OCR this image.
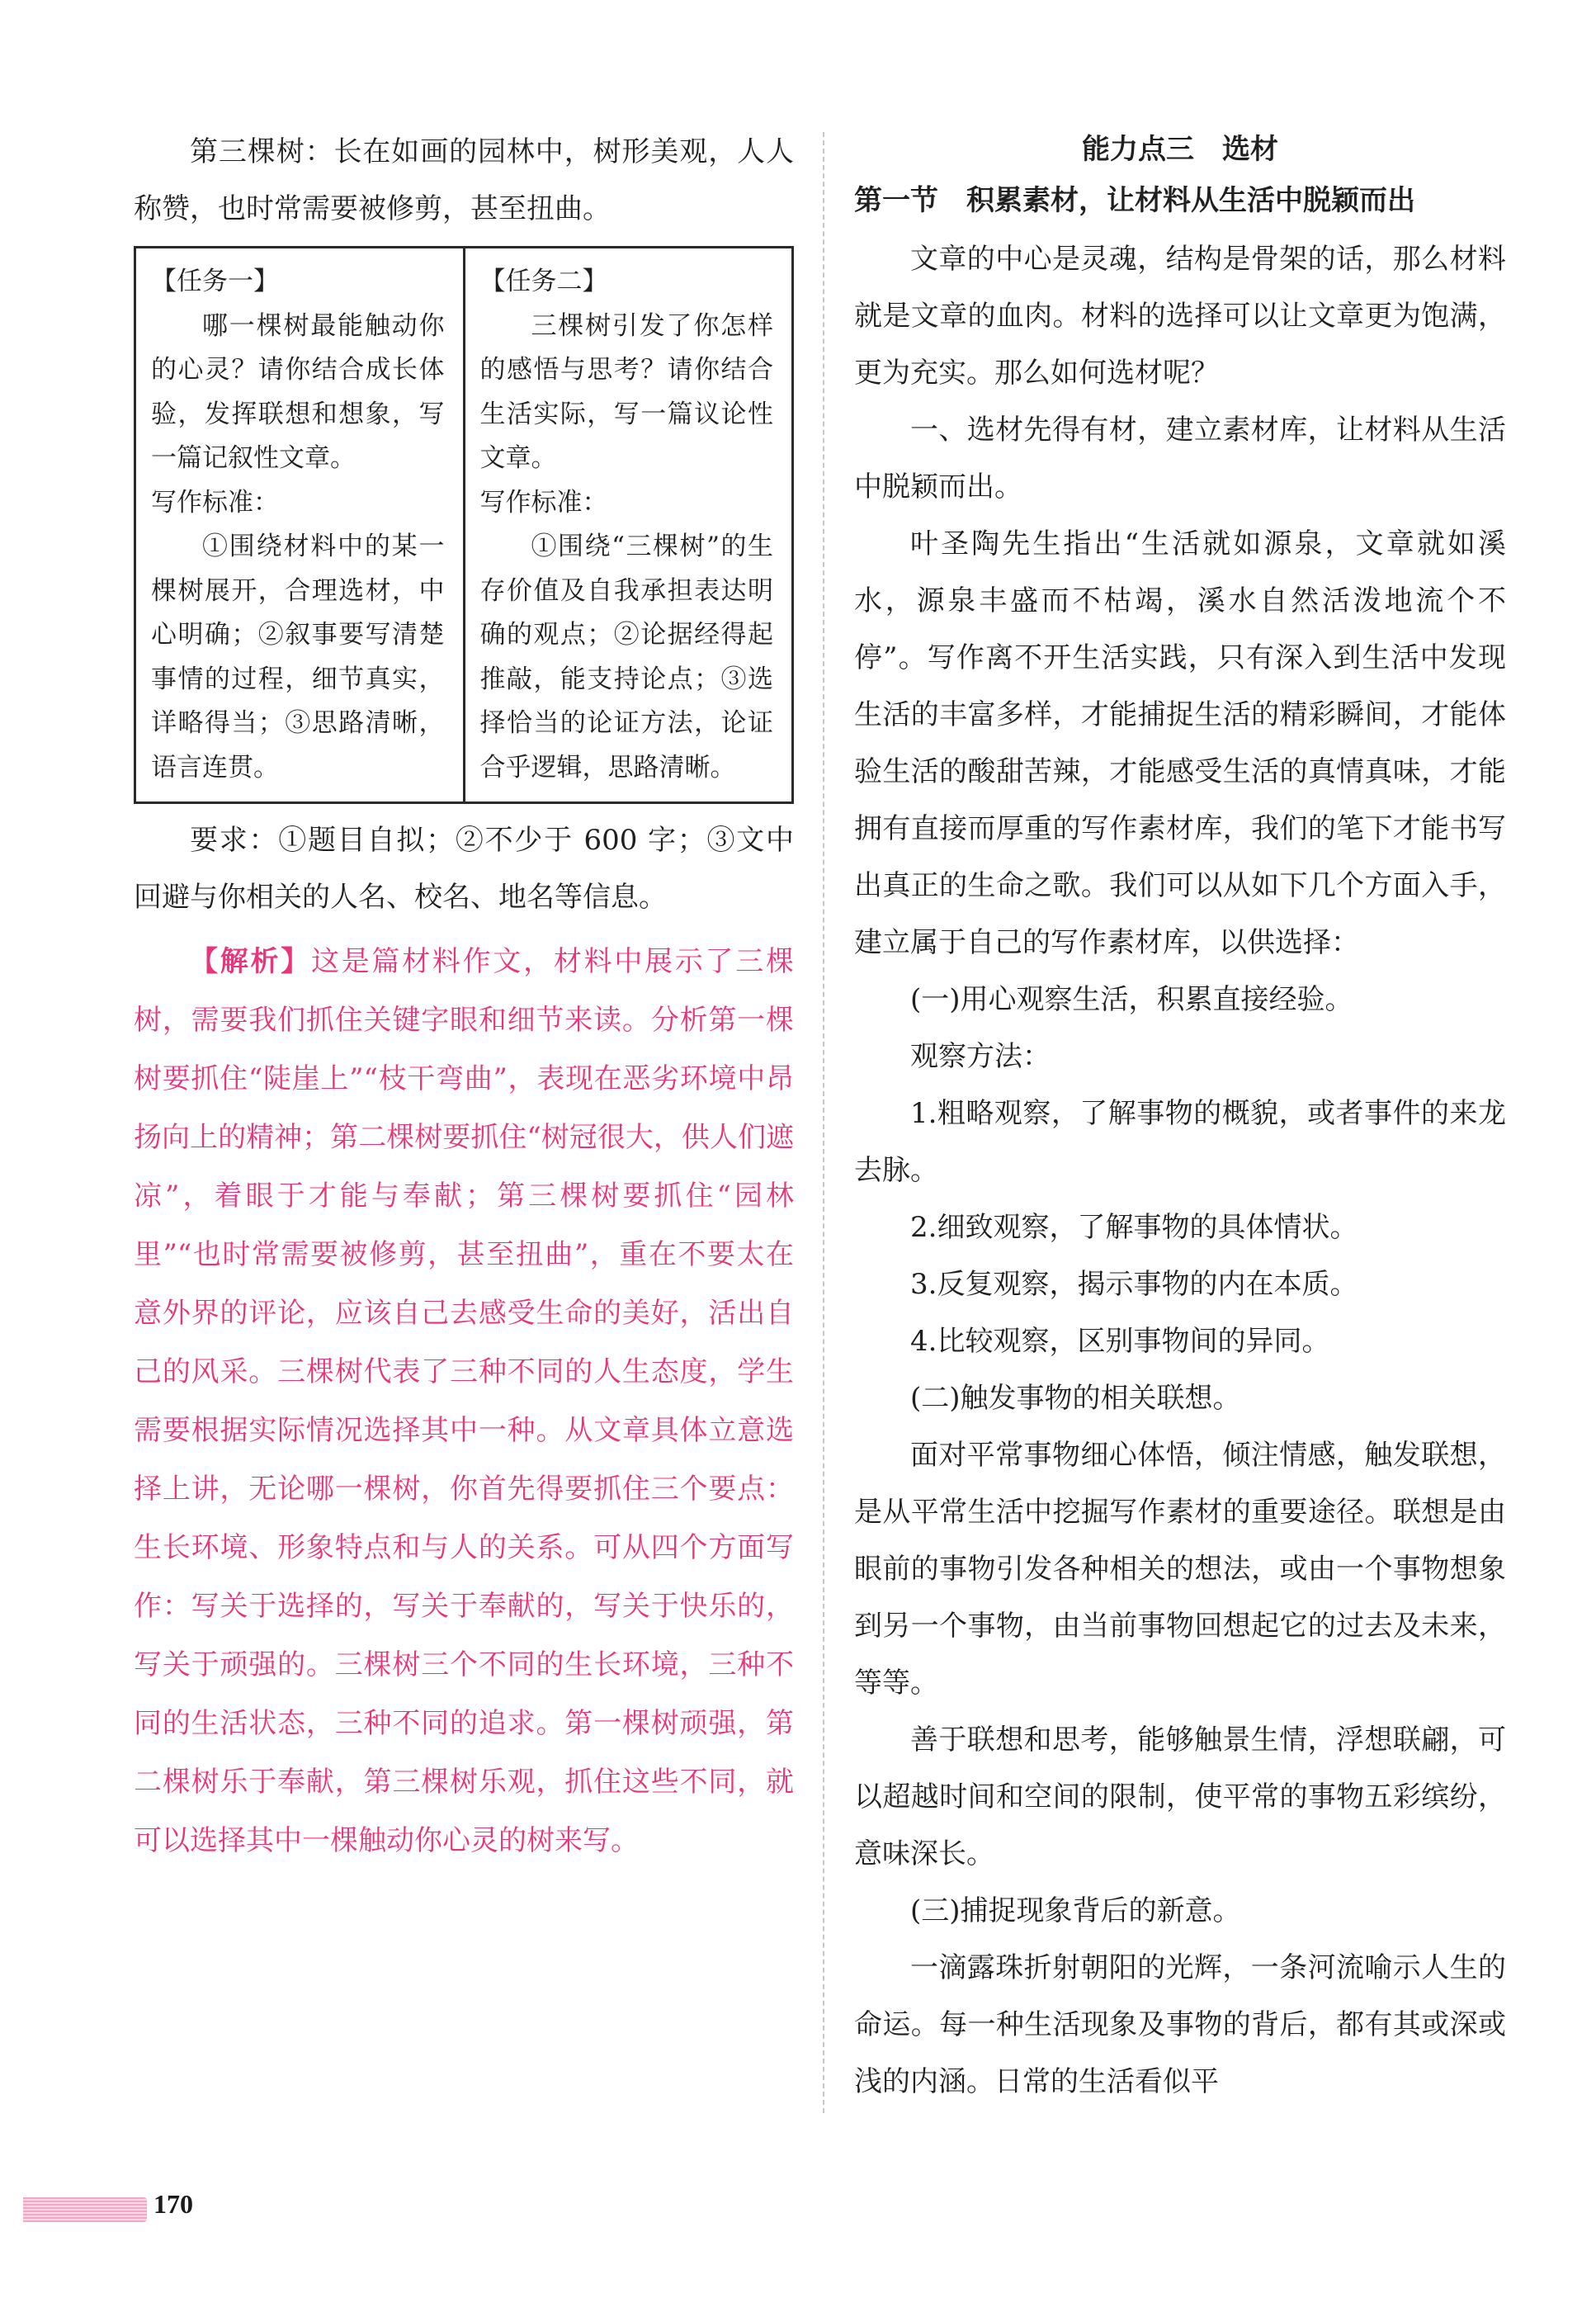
第三棵树：长在如画的园林中，树形美观，人人称赞，也时常需要被修剪，甚至扭曲。

【任务一】

哪一棵树最能触动你的心灵？请你结合成长体验，发挥联想和想象，写一篇记叙性文章。

写作标准：

①围绕材料中的某一棵树展开，合理选材，中心明确；②叙事要写清楚事情的过程，细节真实，详略得当；③思路清晰，语言连贯。

【任务二】

三棵树引发了你怎样的感悟与思考？请你结合生活实际，写一篇议论性文章。

写作标准：

①围绕“三棵树”的生存价值及自我承担表达明确的观点；②论据经得起推敲，能支持论点；③选择恰当的论证方法，论证合乎逻辑，思路清晰。

要求：①题目自拟；②不少于 600 字；③文中回避与你相关的人名、校名、地名等信息。

【解析】这是篇材料作文，材料中展示了三棵树，需要我们抓住关键字眼和细节来读。分析第一棵树要抓住“陡崖上”“枝干弯曲”，表现在恶劣环境中昂扬向上的精神；第二棵树要抓住“树冠很大，供人们遮凉”，着眼于才能与奉献；第三棵树要抓住“园林里”“也时常需要被修剪，甚至扭曲”，重在不要太在意外界的评论，应该自己去感受生命的美好，活出自己的风采。三棵树代表了三种不同的人生态度，学生需要根据实际情况选择其中一种。从文章具体立意选择上讲，无论哪一棵树，你首先得要抓住三个要点：生长环境、形象特点和与人的关系。可从四个方面写作：写关于选择的，写关于奉献的，写关于快乐的，写关于顽强的。三棵树三个不同的生长环境，三种不同的生活状态，三种不同的追求。第一棵树顽强，第二棵树乐于奉献，第三棵树乐观，抓住这些不同，就可以选择其中一棵触动你心灵的树来写。

能力点三　选材
第一节　积累素材，让材料从生活中脱颖而出

文章的中心是灵魂，结构是骨架的话，那么材料就是文章的血肉。材料的选择可以让文章更为饱满，更为充实。那么如何选材呢？

一、选材先得有材，建立素材库，让材料从生活中脱颖而出。

叶圣陶先生指出“生活就如源泉，文章就如溪水，源泉丰盛而不枯竭，溪水自然活泼地流个不停”。写作离不开生活实践，只有深入到生活中发现生活的丰富多样，才能捕捉生活的精彩瞬间，才能体验生活的酸甜苦辣，才能感受生活的真情真味，才能拥有直接而厚重的写作素材库，我们的笔下才能书写出真正的生命之歌。我们可以从如下几个方面入手，建立属于自己的写作素材库，以供选择：

(一)用心观察生活，积累直接经验。

观察方法：

1.粗略观察，了解事物的概貌，或者事件的来龙去脉。

2.细致观察，了解事物的具体情状。

3.反复观察，揭示事物的内在本质。

4.比较观察，区别事物间的异同。

(二)触发事物的相关联想。

面对平常事物细心体悟，倾注情感，触发联想，是从平常生活中挖掘写作素材的重要途径。联想是由眼前的事物引发各种相关的想法，或由一个事物想象到另一个事物，由当前事物回想起它的过去及未来，等等。

善于联想和思考，能够触景生情，浮想联翩，可以超越时间和空间的限制，使平常的事物五彩缤纷，意味深长。

(三)捕捉现象背后的新意。

一滴露珠折射朝阳的光辉，一条河流喻示人生的命运。每一种生活现象及事物的背后，都有其或深或浅的内涵。日常的生活看似平

170
